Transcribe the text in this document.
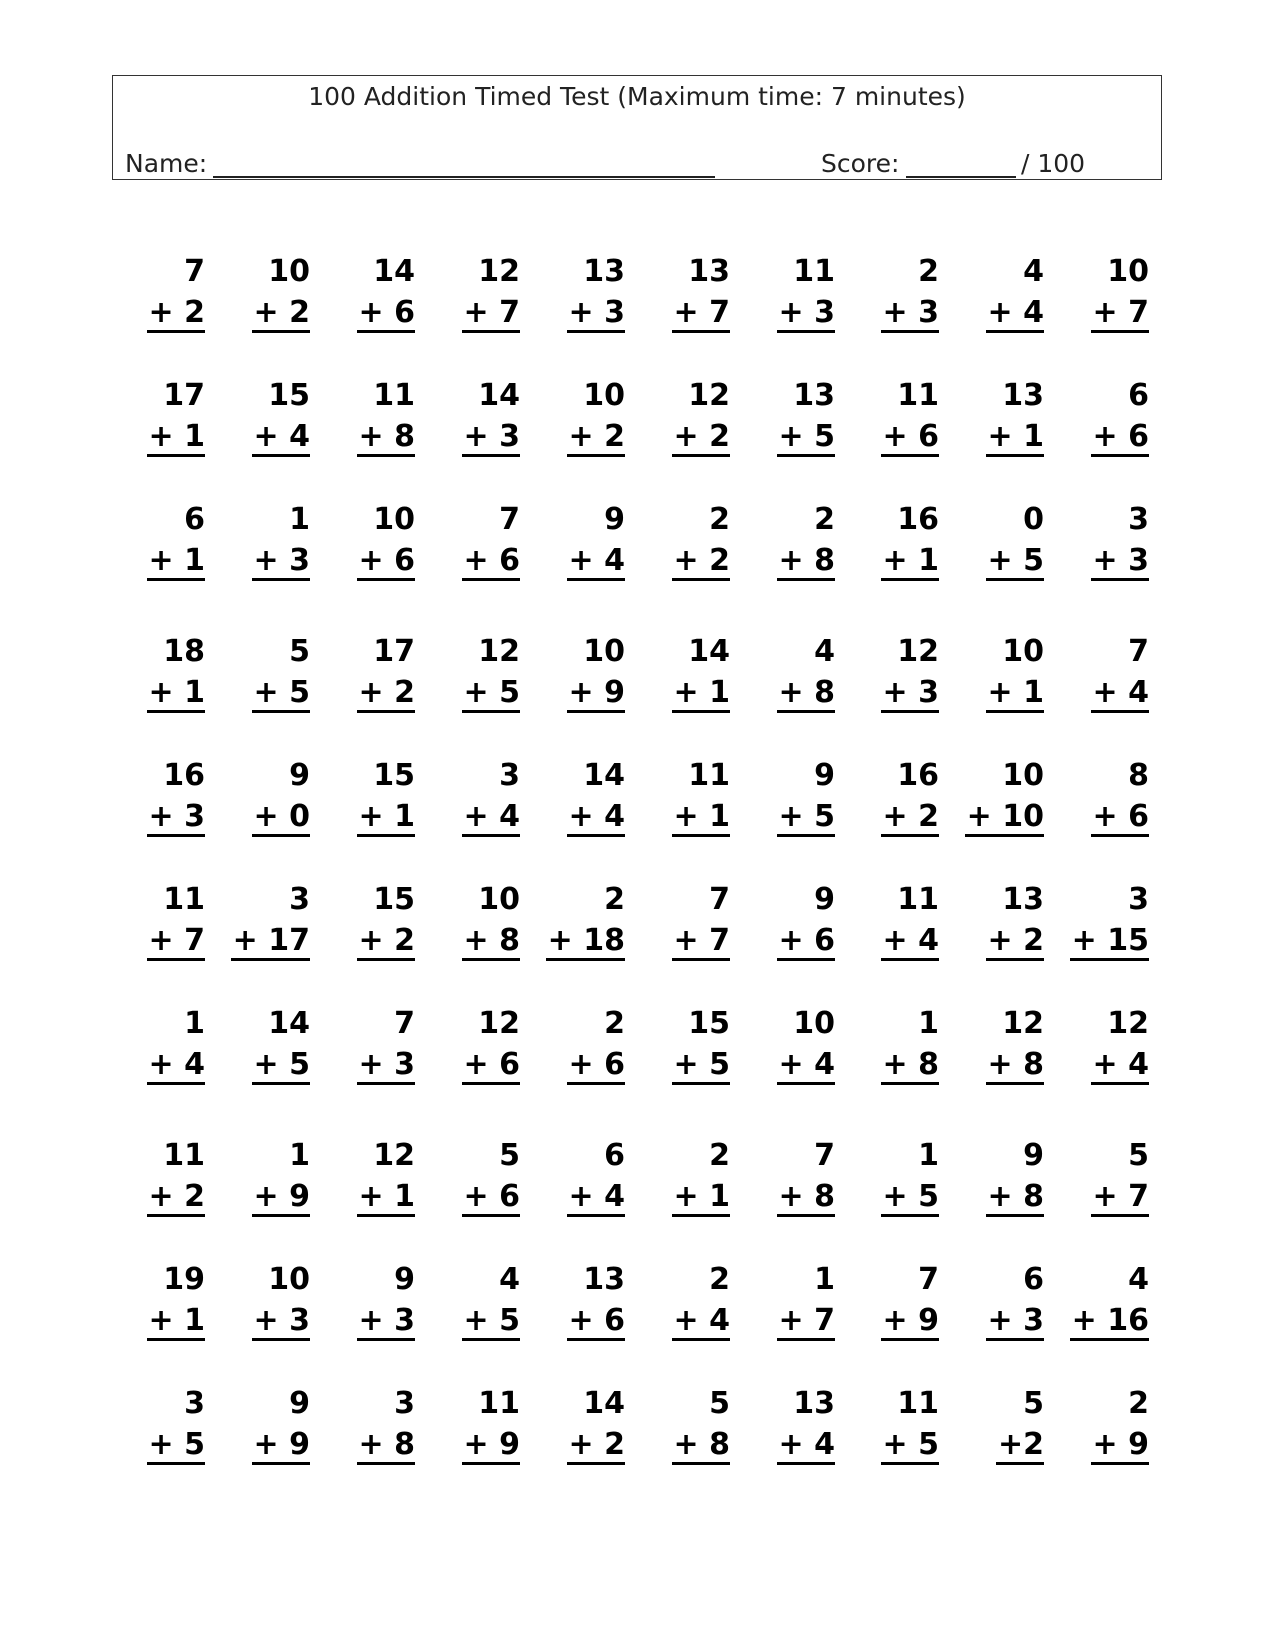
100 Addition Timed Test (Maximum time: 7 minutes)
Name:	Score:	/ 100
7
+ 2
10
+ 2
14
+ 6
12
+ 7
13
+ 3
13
+ 7
11
+ 3
2
+ 3
4
+ 4
10
+ 7
17
+ 1
15
+ 4
11
+ 8
14
+ 3
10
+ 2
12
+ 2
13
+ 5
11
+ 6
13
+ 1
6
+ 6
6
+ 1
1
+ 3
10
+ 6
7
+ 6
9
+ 4
2
+ 2
2
+ 8
16
+ 1
0
+ 5
3
+ 3
18
+ 1
5
+ 5
17
+ 2
12
+ 5
10
+ 9
14
+ 1
4
+ 8
12
+ 3
10
+ 1
7
+ 4
16
+ 3
9
+ 0
15
+ 1
3
+ 4
14
+ 4
11
+ 1
9
+ 5
16
+ 2
10
+ 10
8
+ 6
11
+ 7
3
+ 17
15
+ 2
10
+ 8
2
+ 18
7
+ 7
9
+ 6
11
+ 4
13
+ 2
3
+ 15
1
+ 4
14
+ 5
7
+ 3
12
+ 6
2
+ 6
15
+ 5
10
+ 4
1
+ 8
12
+ 8
12
+ 4
11
+ 2
1
+ 9
12
+ 1
5
+ 6
6
+ 4
2
+ 1
7
+ 8
1
+ 5
9
+ 8
5
+ 7
19
+ 1
10
+ 3
9
+ 3
4
+ 5
13
+ 6
2
+ 4
1
+ 7
7
+ 9
6
+ 3
4
+ 16
3
+ 5
9
+ 9
3
+ 8
11
+ 9
14
+ 2
5
+ 8
13
+ 4
11
+ 5
5
+2
2
+ 9
